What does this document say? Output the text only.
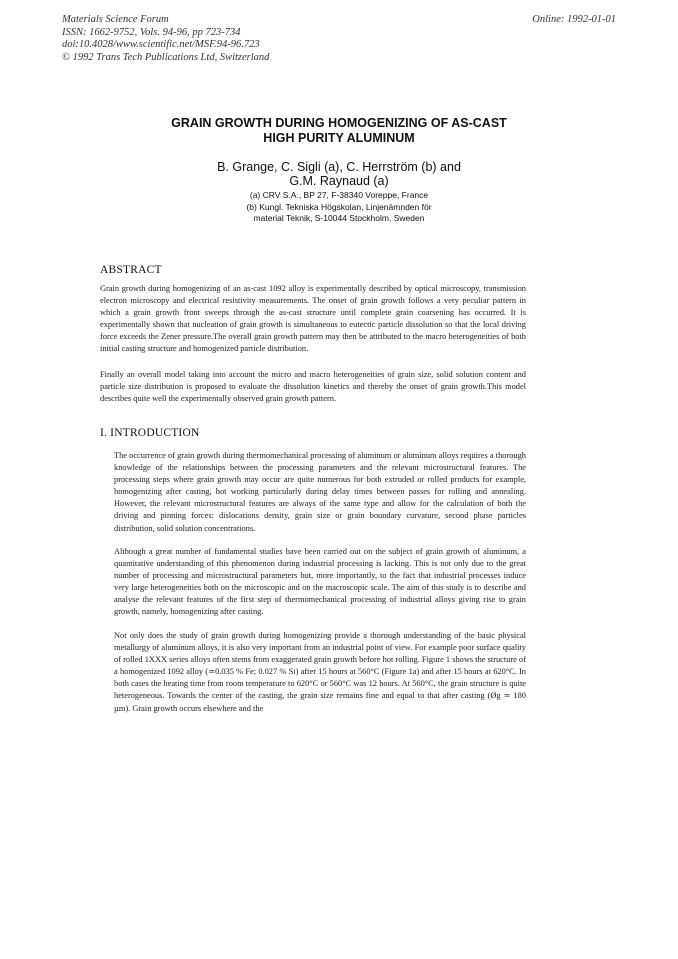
Materials Science Forum
ISSN: 1662-9752, Vols. 94-96, pp 723-734
doi:10.4028/www.scientific.net/MSF.94-96.723
© 1992 Trans Tech Publications Ltd, Switzerland
Online: 1992-01-01
GRAIN GROWTH DURING HOMOGENIZING OF AS-CAST
HIGH PURITY ALUMINUM
B. Grange, C. Sigli (a), C. Herrström (b) and
G.M. Raynaud (a)
(a) CRV S.A., BP 27, F-38340 Voreppe, France
(b) Kungl. Tekniska Högskolan, Linjenämnden för
material Teknik, S-10044 Stockholm, Sweden
ABSTRACT

Grain growth during homogenizing of an as-cast 1092 alloy is experimentally described by optical microscopy, transmission electron microscopy and electrical resistivity measurements. The onset of grain growth follows a very peculiar pattern in which a grain growth front sweeps through the as-cast structure until complete grain coarsening has occurred. It is experimentally shown that nucleation of grain growth is simultaneous to eutectic particle dissolution so that the local driving force exceeds the Zener pressure.The overall grain growth pattern may then be attributed to the macro heterogeneities of both initial casting structure and homogenized particle distribution.

Finally an overall model taking into account the micro and macro heterogeneities of grain size, solid solution content and particle size distribution is proposed to evaluate the dissolution kinetics and thereby the onset of grain growth.This model describes quite well the experimentally observed grain growth pattern.

I. INTRODUCTION

The occurrence of grain growth during thermomechanical processing of aluminum or aluminum alloys requires a thorough knowledge of the relationships between the processing parameters and the relevant microstructural features. The processing steps where grain growth may occur are quite numerous for both extruded or rolled products for example, homogenizing after casting, hot working particularly during delay times between passes for rolling and annealing. However, the relevant microstructural features are always of the same type and allow for the calculation of both the driving and pinning forces: dislocations density, grain size or grain boundary curvature, second phase particles distribution, solid solution concentrations.

Although a great number of fundamental studies have been carried out on the subject of grain growth of aluminum, a quantitative understanding of this phenomenon during industrial processing is lacking. This is not only due to the great number of processing and microstructural parameters but, more importantly, to the fact that industrial processes induce very large heterogeneities both on the microscopic and on the macroscopic scale. The aim of this study is to describe and analyse the relevant features of the first step of thermomechanical processing of industrial alloys giving rise to grain growth, namely, homogenizing after casting.

Not only does the study of grain growth during homogenizing provide a thorough understanding of the basic physical metallurgy of aluminum alloys, it is also very important from an industrial point of view. For example poor surface quality of rolled 1XXX series alloys often stems from exaggerated grain growth before hot rolling. Figure 1 shows the structure of a homogenized 1092 alloy (≃0.035 % Fe; 0.027 % Si) after 15 hours at 560°C (Figure 1a) and after 15 hours at 620°C. In both cases the heating time from room temperature to 620°C or 560°C was 12 hours. At 560°C, the grain structure is quite heterogeneous. Towards the center of the casting, the grain size remains fine and equal to that after casting (Øg ≃ 180 µm). Grain growth occurs elsewhere and the
